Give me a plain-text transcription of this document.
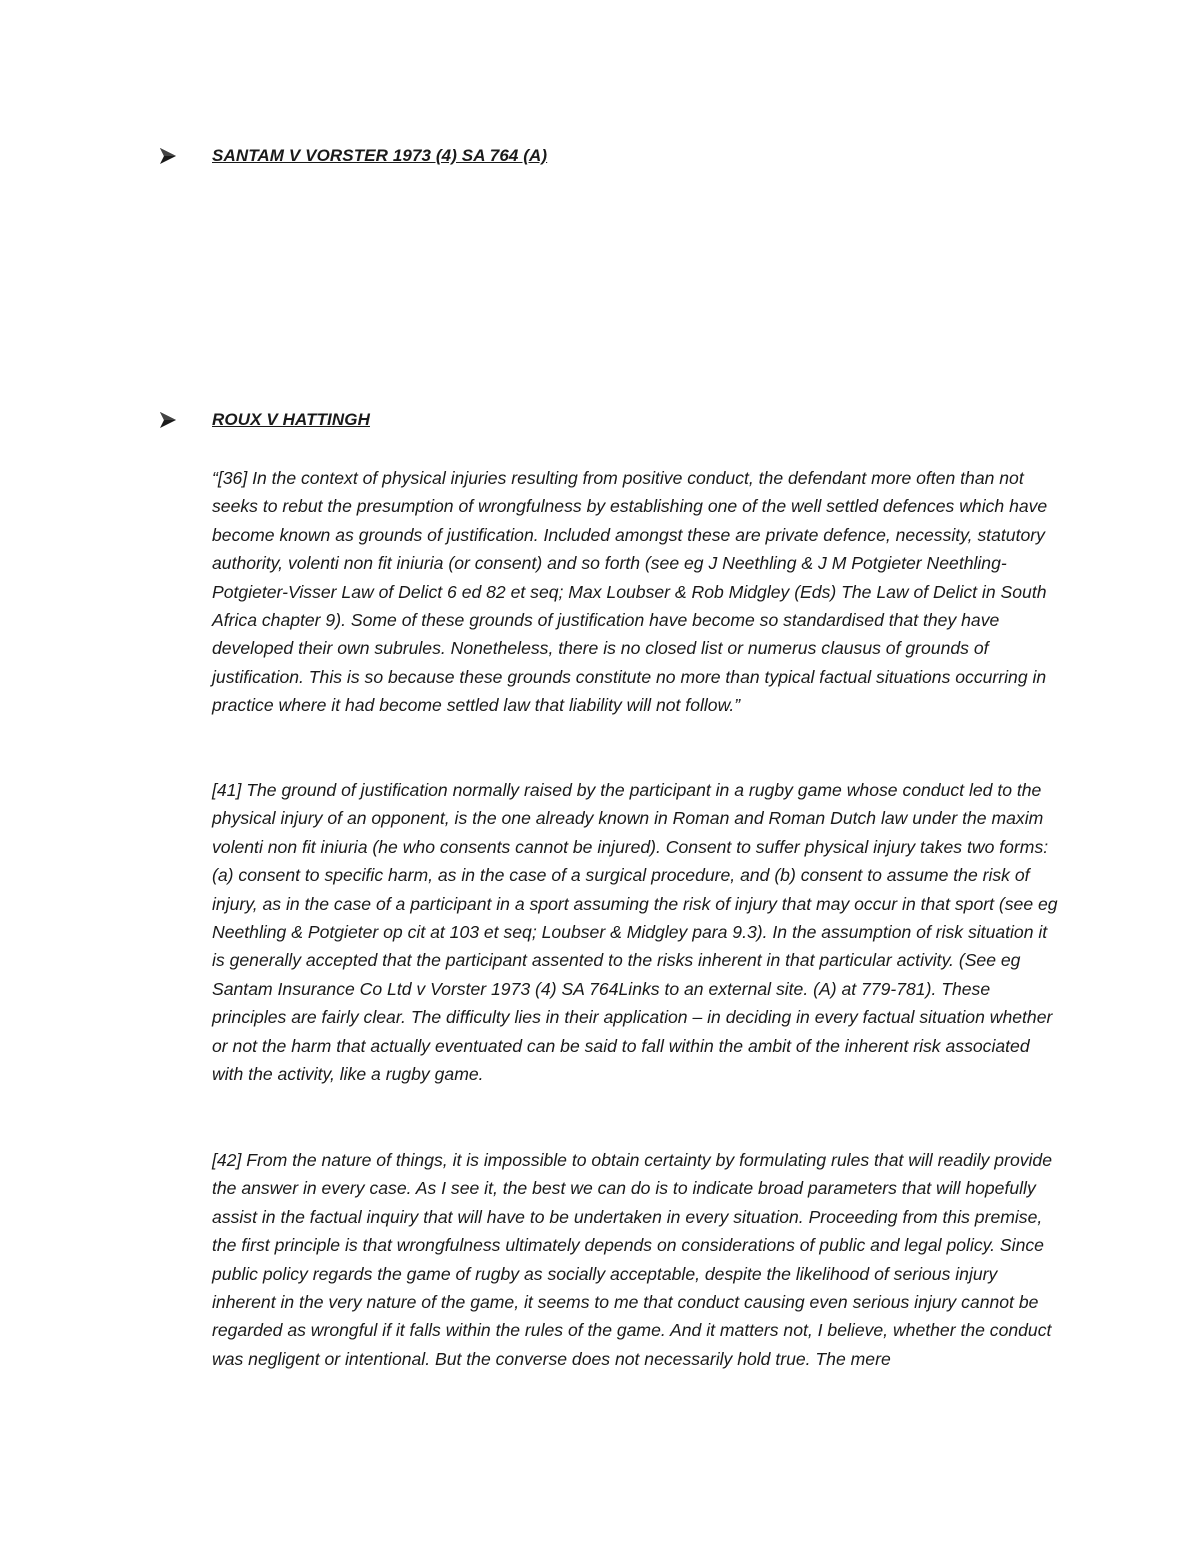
SANTAM V VORSTER 1973 (4) SA 764 (A)
ROUX V HATTINGH

“[36] In the context of physical injuries resulting from positive conduct, the defendant more often than not seeks to rebut the presumption of wrongfulness by establishing one of the well settled defences which have become known as grounds of justification. Included amongst these are private defence, necessity, statutory authority, volenti non fit iniuria (or consent) and so forth (see eg J Neethling & J M Potgieter Neethling-Potgieter-Visser Law of Delict 6 ed 82 et seq; Max Loubser & Rob Midgley (Eds) The Law of Delict in South Africa chapter 9). Some of these grounds of justification have become so standardised that they have developed their own subrules. Nonetheless, there is no closed list or numerus clausus of grounds of justification. This is so because these grounds constitute no more than typical factual situations occurring in practice where it had become settled law that liability will not follow.”

[41] The ground of justification normally raised by the participant in a rugby game whose conduct led to the physical injury of an opponent, is the one already known in Roman and Roman Dutch law under the maxim volenti non fit iniuria (he who consents cannot be injured). Consent to suffer physical injury takes two forms: (a) consent to specific harm, as in the case of a surgical procedure, and (b) consent to assume the risk of injury, as in the case of a participant in a sport assuming the risk of injury that may occur in that sport (see eg Neethling & Potgieter op cit at 103 et seq; Loubser & Midgley para 9.3). In the assumption of risk situation it is generally accepted that the participant assented to the risks inherent in that particular activity. (See eg Santam Insurance Co Ltd v Vorster 1973 (4) SA 764Links to an external site. (A) at 779-781). These principles are fairly clear. The difficulty lies in their application – in deciding in every factual situation whether or not the harm that actually eventuated can be said to fall within the ambit of the inherent risk associated with the activity, like a rugby game.

[42] From the nature of things, it is impossible to obtain certainty by formulating rules that will readily provide the answer in every case. As I see it, the best we can do is to indicate broad parameters that will hopefully assist in the factual inquiry that will have to be undertaken in every situation. Proceeding from this premise, the first principle is that wrongfulness ultimately depends on considerations of public and legal policy. Since public policy regards the game of rugby as socially acceptable, despite the likelihood of serious injury inherent in the very nature of the game, it seems to me that conduct causing even serious injury cannot be regarded as wrongful if it falls within the rules of the game. And it matters not, I believe, whether the conduct was negligent or intentional. But the converse does not necessarily hold true. The mere
